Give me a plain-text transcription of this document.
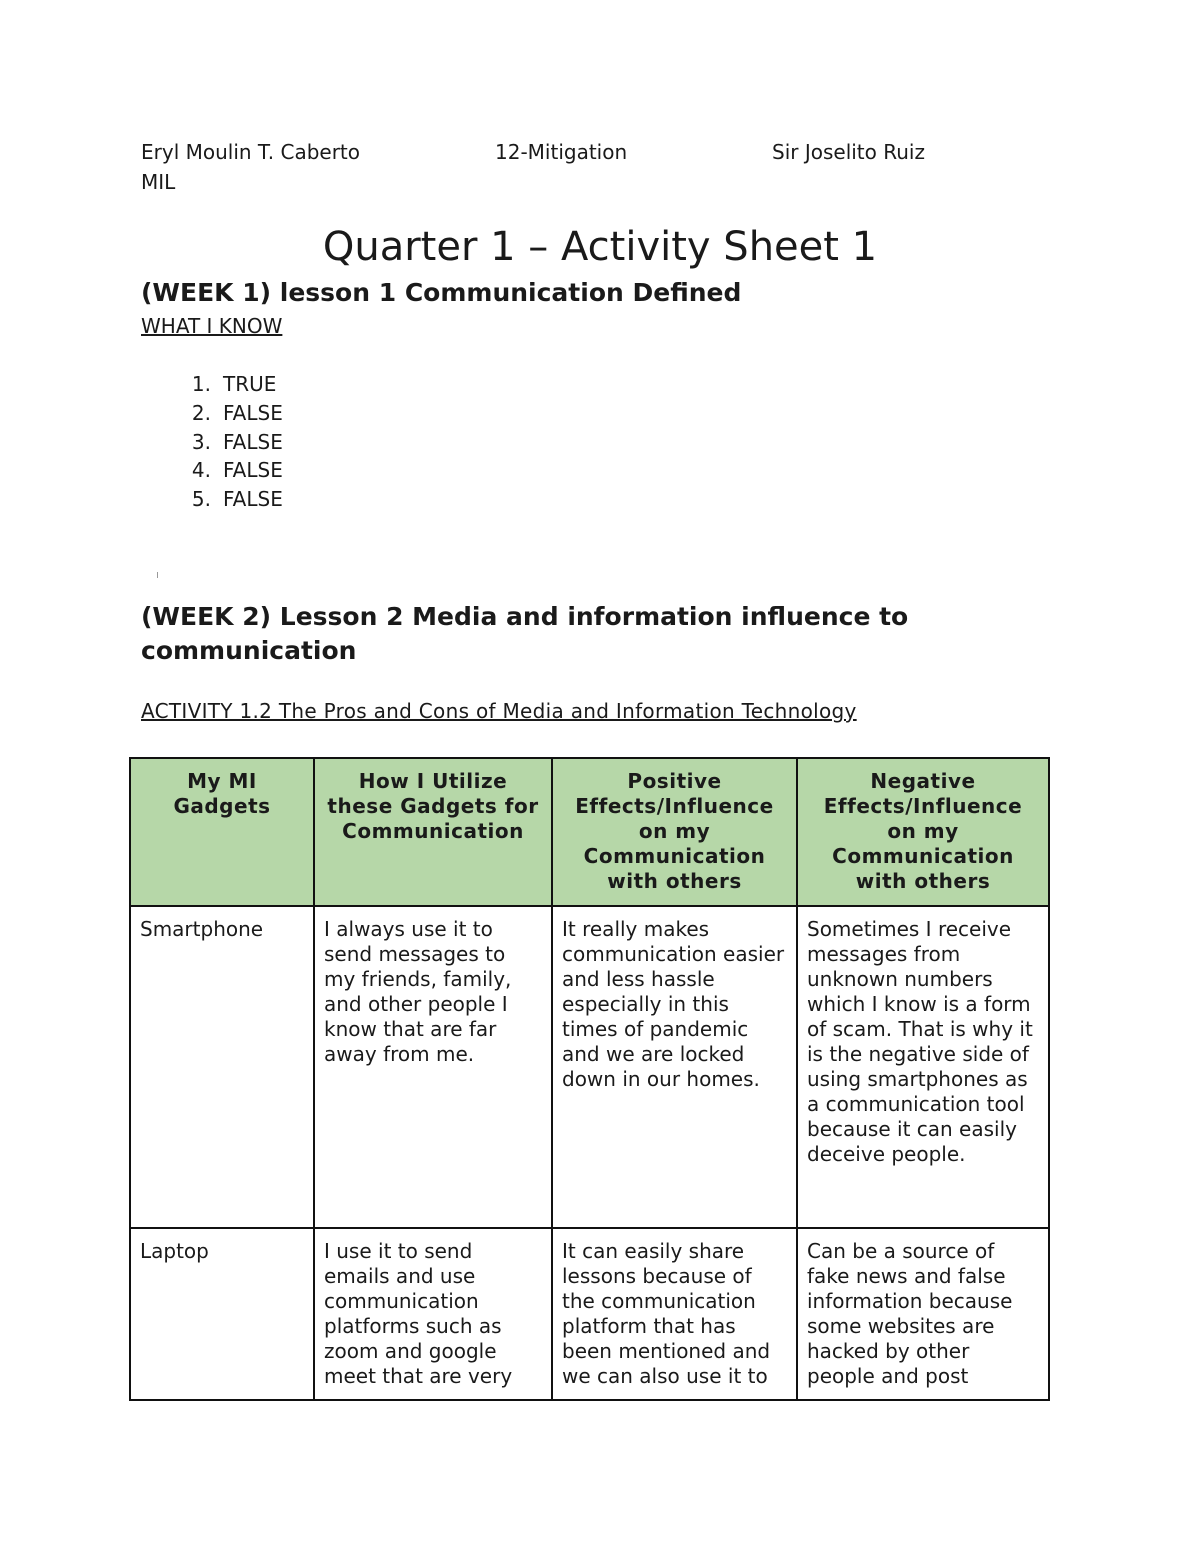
Eryl Moulin T. Caberto	12-Mitigation	Sir Joselito Ruiz
MIL
Quarter 1 – Activity Sheet 1
(WEEK 1) lesson 1 Communication Defined
WHAT I KNOW
1. TRUE
2. FALSE
3. FALSE
4. FALSE
5. FALSE
(WEEK 2) Lesson 2 Media and information influence to communication
ACTIVITY 1.2 The Pros and Cons of Media and Information Technology
My MI Gadgets	How I Utilize these Gadgets for Communication	Positive Effects/Influence on my Communication with others	Negative Effects/Influence on my Communication with others
Smartphone	I always use it to send messages to my friends, family, and other people I know that are far away from me.	It really makes communication easier and less hassle especially in this times of pandemic and we are locked down in our homes.	Sometimes I receive messages from unknown numbers which I know is a form of scam. That is why it is the negative side of using smartphones as a communication tool because it can easily deceive people.
Laptop	I use it to send emails and use communication platforms such as zoom and google meet that are very	It can easily share lessons because of the communication platform that has been mentioned and we can also use it to	Can be a source of fake news and false information because some websites are hacked by other people and post
